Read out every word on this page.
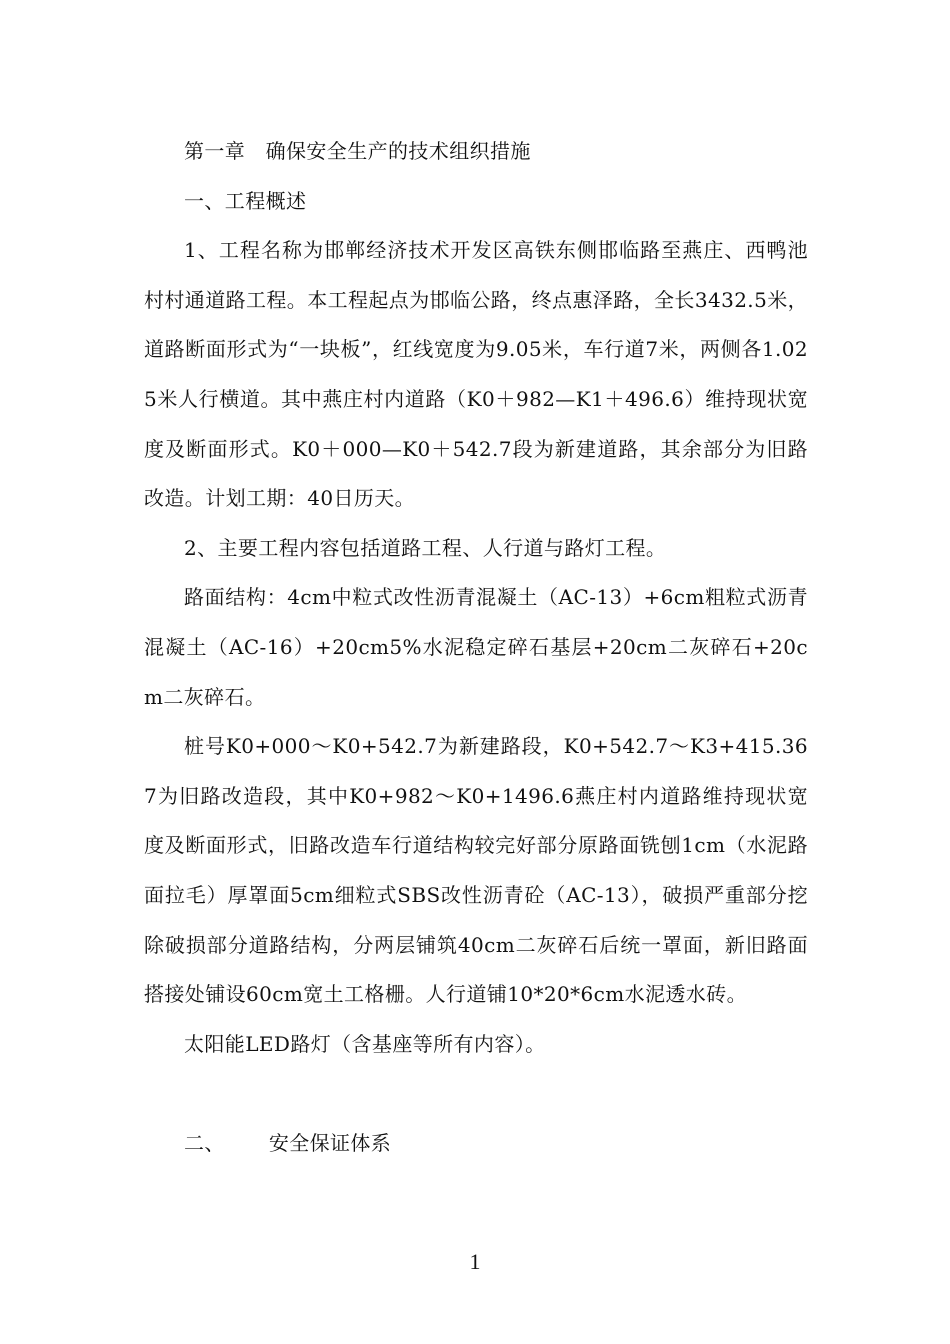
第一章　确保安全生产的技术组织措施

一、工程概述

1、工程名称为邯郸经济技术开发区高铁东侧邯临路至燕庄、西鸭池村村通道路工程。本工程起点为邯临公路，终点惠泽路，全长3432.5米，道路断面形式为“一块板”，红线宽度为9.05米，车行道7米，两侧各1.025米人行横道。其中燕庄村内道路（K0＋982—K1＋496.6）维持现状宽度及断面形式。K0＋000—K0＋542.7段为新建道路，其余部分为旧路改造。计划工期：40日历天。

2、主要工程内容包括道路工程、人行道与路灯工程。

路面结构：4cm中粒式改性沥青混凝土（AC-13）+6cm粗粒式沥青混凝土（AC-16）+20cm5%水泥稳定碎石基层+20cm二灰碎石+20cm二灰碎石。

桩号K0+000～K0+542.7为新建路段，K0+542.7～K3+415.367为旧路改造段，其中K0+982～K0+1496.6燕庄村内道路维持现状宽度及断面形式，旧路改造车行道结构较完好部分原路面铣刨1cm（水泥路面拉毛）厚罩面5cm细粒式SBS改性沥青砼（AC-13），破损严重部分挖除破损部分道路结构，分两层铺筑40cm二灰碎石后统一罩面，新旧路面搭接处铺设60cm宽土工格栅。人行道铺10*20*6cm水泥透水砖。

太阳能LED路灯（含基座等所有内容）。

二、 安全保证体系

1
